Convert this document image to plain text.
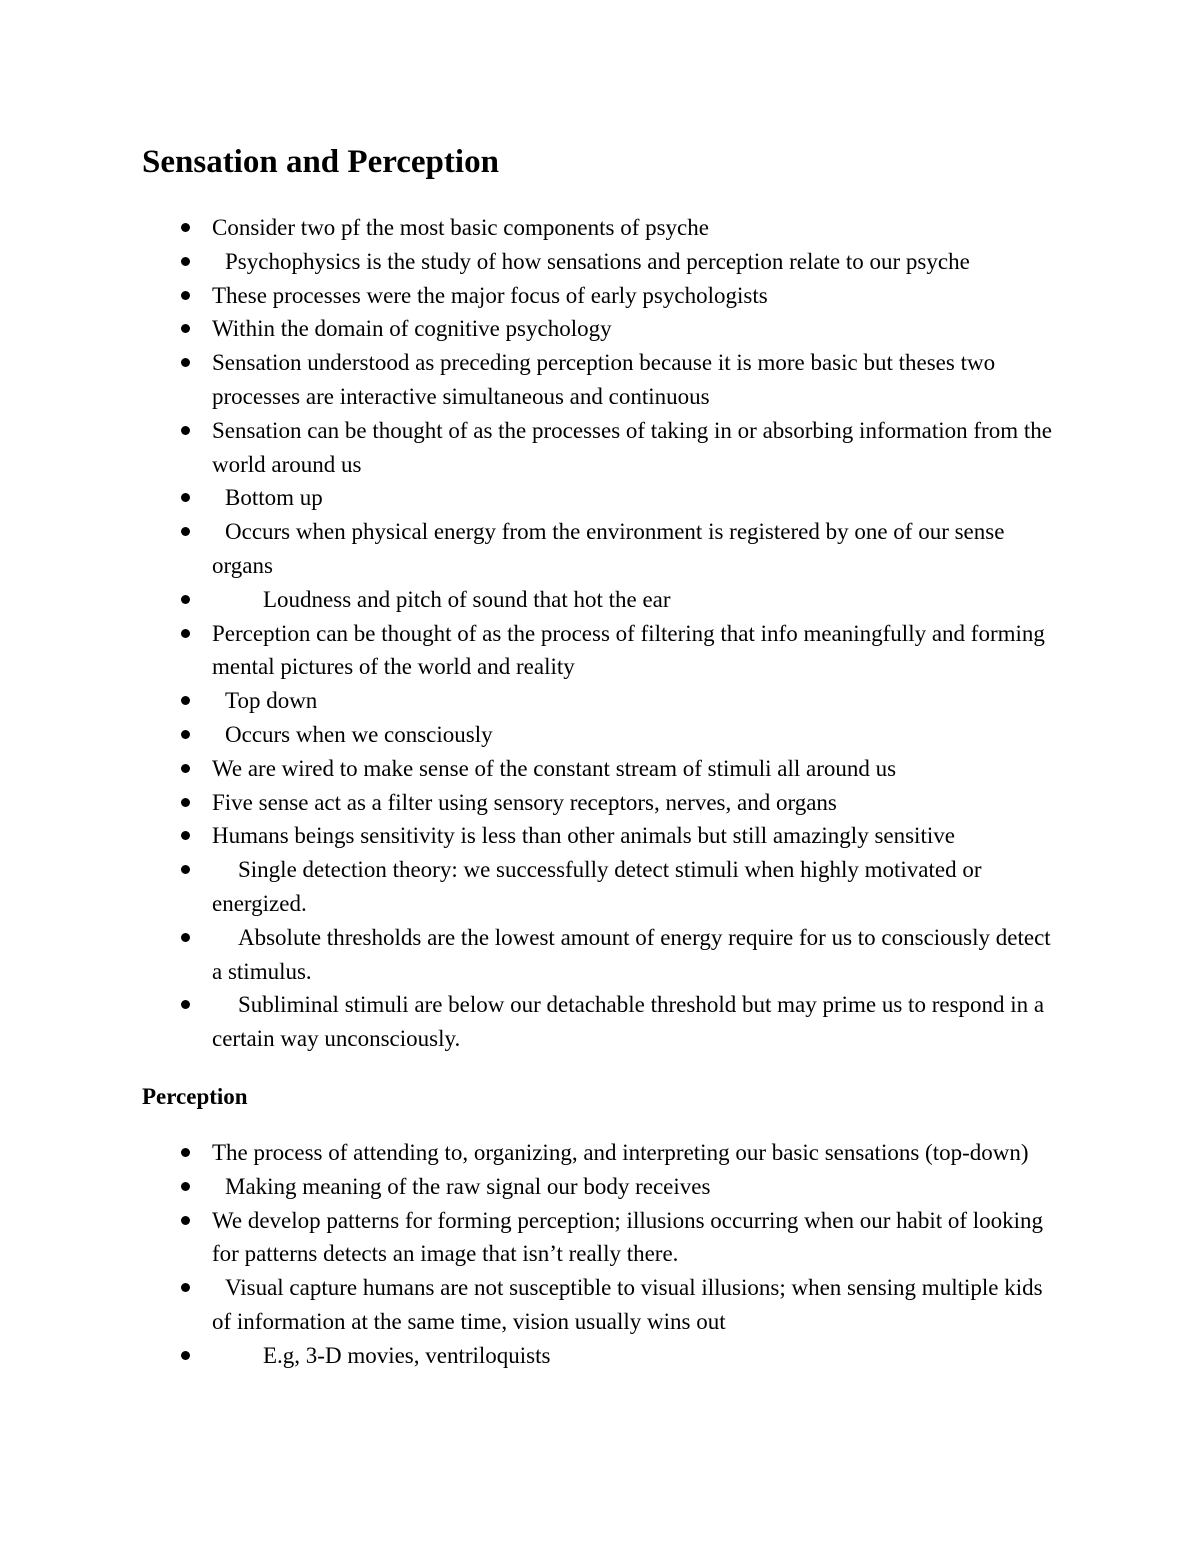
Sensation and Perception
Consider two pf the most basic components of psyche
Psychophysics is the study of how sensations and perception relate to our psyche
These processes were the major focus of early psychologists
Within the domain of cognitive psychology
Sensation understood as preceding perception because it is more basic but theses two processes are interactive simultaneous and continuous
Sensation can be thought of as the processes of taking in or absorbing information from the world around us
Bottom up
Occurs when physical energy from the environment is registered by one of our sense organs
Loudness and pitch of sound that hot the ear
Perception can be thought of as the process of filtering that info meaningfully and forming mental pictures of the world and reality
Top down
Occurs when we consciously
We are wired to make sense of the constant stream of stimuli all around us
Five sense act as a filter using sensory receptors, nerves, and organs
Humans beings sensitivity is less than other animals but still amazingly sensitive
Single detection theory: we successfully detect stimuli when highly motivated or energized.
Absolute thresholds are the lowest amount of energy require for us to consciously detect a stimulus.
Subliminal stimuli are below our detachable threshold but may prime us to respond in a certain way unconsciously.
Perception
The process of attending to, organizing, and interpreting our basic sensations (top-down)
Making meaning of the raw signal our body receives
We develop patterns for forming perception; illusions occurring when our habit of looking for patterns detects an image that isn’t really there.
Visual capture humans are not susceptible to visual illusions; when sensing multiple kids of information at the same time, vision usually wins out
E.g, 3-D movies, ventriloquists
